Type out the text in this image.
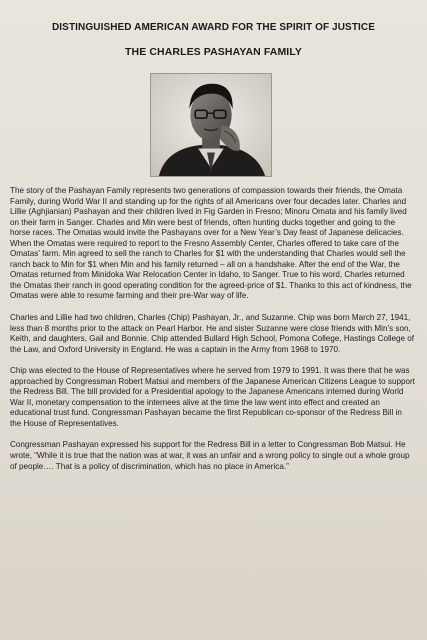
DISTINGUISHED AMERICAN AWARD FOR THE SPIRIT OF JUSTICE
THE CHARLES PASHAYAN FAMILY

The story of the Pashayan Family represents two generations of compassion towards their friends, the Omata Family, during World War II and standing up for the rights of all Americans over four decades later. Charles and Lillie (Aghjianian) Pashayan and their children lived in Fig Garden in Fresno; Minoru Omata and his family lived on their farm in Sanger. Charles and Min were best of friends, often hunting ducks together and going to the horse races. The Omatas would invite the Pashayans over for a New Year’s Day feast of Japanese delicacies. When the Omatas were required to report to the Fresno Assembly Center, Charles offered to take care of the Omatas’ farm. Min agreed to sell the ranch to Charles for $1 with the understanding that Charles would sell the ranch back to Min for $1 when Min and his family returned – all on a handshake. After the end of the War, the Omatas returned from Minidoka War Relocation Center in Idaho, to Sanger. True to his word, Charles returned the Omatas their ranch in good operating condition for the agreed-price of $1. Thanks to this act of kindness, the Omatas were able to resume farming and their pre-War way of life.

Charles and Lillie had two children, Charles (Chip) Pashayan, Jr., and Suzanne. Chip was born March 27, 1941, less than 8 months prior to the attack on Pearl Harbor. He and sister Suzanne were close friends with Min’s son, Keith, and daughters, Gail and Bonnie. Chip attended Bullard High School, Pomona College, Hastings College of the Law, and Oxford University in England. He was a captain in the Army from 1968 to 1970.

Chip was elected to the House of Representatives where he served from 1979 to 1991. It was there that he was approached by Congressman Robert Matsui and members of the Japanese American Citizens League to support the Redress Bill. The bill provided for a Presidential apology to the Japanese Americans interned during World War II, monetary compensation to the internees alive at the time the law went into effect and created an educational trust fund. Congressman Pashayan became the first Republican co-sponsor of the Redress Bill in the House of Representatives.

Congressman Pashayan expressed his support for the Redress Bill in a letter to Congressman Bob Matsui. He wrote, “While it is true that the nation was at war, it was an unfair and a wrong policy to single out a whole group of people…. That is a policy of discrimination, which has no place in America.”
